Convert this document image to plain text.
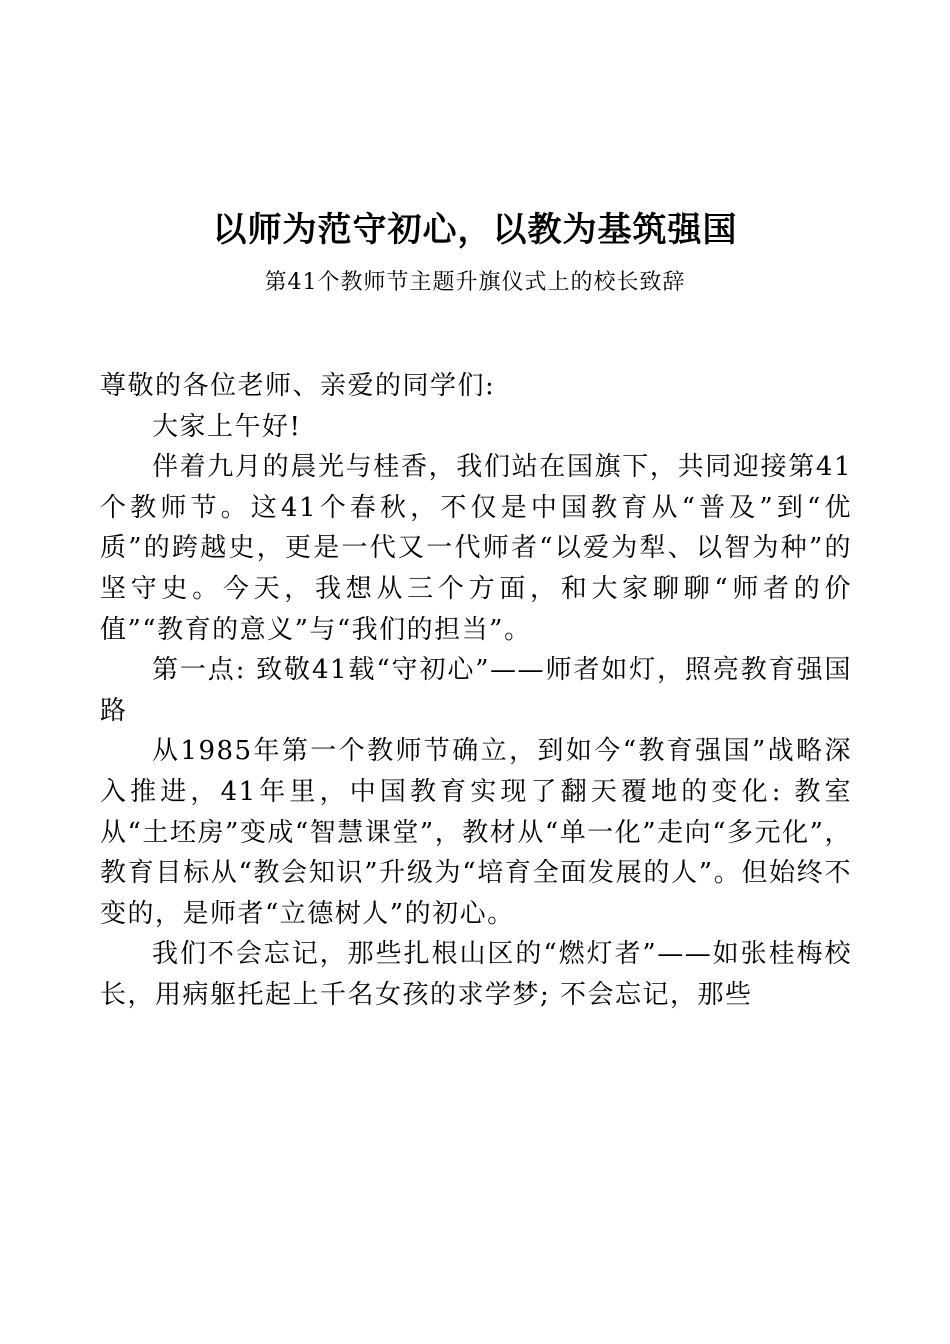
以师为范守初心，以教为基筑强国
第41个教师节主题升旗仪式上的校长致辞

尊敬的各位老师、亲爱的同学们:

大家上午好!

伴着九月的晨光与桂香，我们站在国旗下，共同迎接第41个教师节。这41个春秋，不仅是中国教育从“普及”到“优质”的跨越史，更是一代又一代师者“以爱为犁、以智为种”的坚守史。今天，我想从三个方面，和大家聊聊“师者的价值”“教育的意义”与“我们的担当”。

第一点: 致敬41载“守初心”——师者如灯，照亮教育强国路

从1985年第一个教师节确立，到如今“教育强国”战略深入推进，41年里，中国教育实现了翻天覆地的变化: 教室从“土坯房”变成“智慧课堂”，教材从“单一化”走向“多元化”，教育目标从“教会知识”升级为“培育全面发展的人”。但始终不变的，是师者“立德树人”的初心。

我们不会忘记，那些扎根山区的“燃灯者”——如张桂梅校长，用病躯托起上千名女孩的求学梦; 不会忘记，那些
